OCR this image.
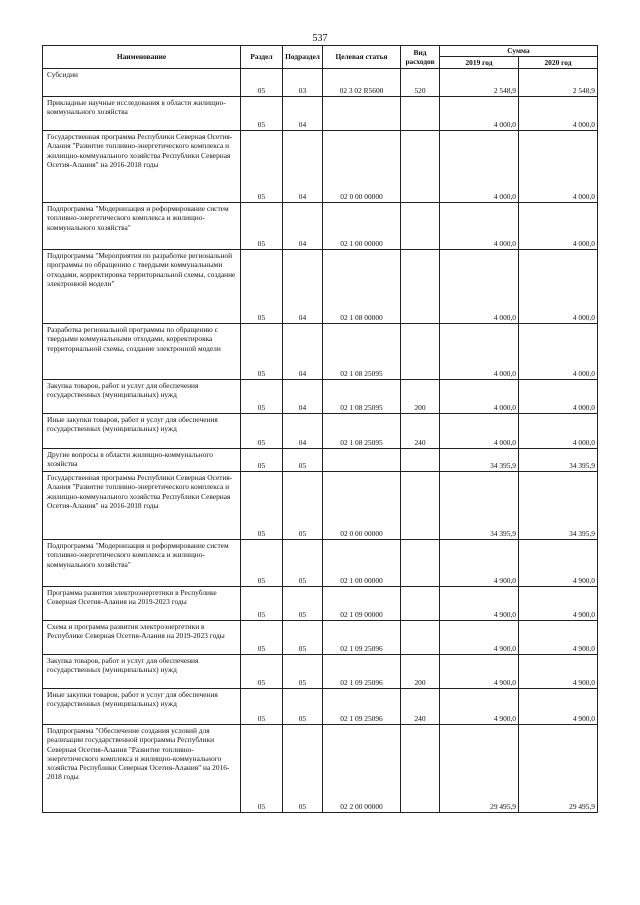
537
Наименование	Раздел	Подраздел	Целевая статья	Вид расходов	Сумма	
					2019 год	2020 год
Субсидии	05	03	02 3 02 R5600	520	2 548,9	2 548,9
Прикладные научные исследования в области жилищно-коммунального хозяйства	05	04			4 000,0	4 000,0
Государственная программа Республики Северная Осетия-Алания "Развитие топливно-энергетического комплекса и жилищно-коммунального хозяйства Республики Северная Осетия-Алания" на 2016-2018 годы	05	04	02 0 00 00000		4 000,0	4 000,0
Подпрограмма "Модернизация и реформирование систем топливно-энергетического комплекса и жилищно-коммунального хозяйства"	05	04	02 1 00 00000		4 000,0	4 000,0
Подпрограмма "Мероприятия по разработке региональной программы по обращению с твердыми коммунальными отходами, корректировка территориальной схемы, создание электронной модели"	05	04	02 1 08 00000		4 000,0	4 000,0
Разработка региональной программы по обращению с твердыми коммунальными отходами, корректировка территориальной схемы, создание электронной модели	05	04	02 1 08 25095		4 000,0	4 000,0
Закупка товаров, работ и услуг для обеспечения государственных (муниципальных) нужд	05	04	02 1 08 25095	200	4 000,0	4 000,0
Иные закупки товаров, работ и услуг для обеспечения государственных (муниципальных) нужд	05	04	02 1 08 25095	240	4 000,0	4 000,0
Другие вопросы в области жилищно-коммунального хозяйства	05	05			34 395,9	34 395,9
Государственная программа Республики Северная Осетия-Алания "Развитие топливно-энергетического комплекса и жилищно-коммунального хозяйства Республики Северная Осетия-Алания" на 2016-2018 годы	05	05	02 0 00 00000		34 395,9	34 395,9
Подпрограмма "Модернизация и реформирование систем топливно-энергетического комплекса и жилищно-коммунального хозяйства"	05	05	02 1 00 00000		4 900,0	4 900,0
Программа развития электроэнергетики в Республике Северная Осетия-Алания на 2019-2023 годы	05	05	02 1 09 00000		4 900,0	4 900,0
Схема и программа развития электроэнергетики в Республике Северная Осетия-Алания на 2019-2023 годы	05	05	02 1 09 25096		4 900,0	4 900,0
Закупка товаров, работ и услуг для обеспечения государственных (муниципальных) нужд	05	05	02 1 09 25096	200	4 900,0	4 900,0
Иные закупки товаров, работ и услуг для обеспечения государственных (муниципальных) нужд	05	05	02 1 09 25096	240	4 900,0	4 900,0
Подпрограмма "Обеспечение создания условий для реализации государственной программы Республики Северная Осетия-Алания "Развитие топливно-энергетического комплекса и жилищно-коммунального хозяйства Республики Северная Осетия-Алания" на 2016-2018 годы	05	05	02 2 00 00000		29 495,9	29 495,9
